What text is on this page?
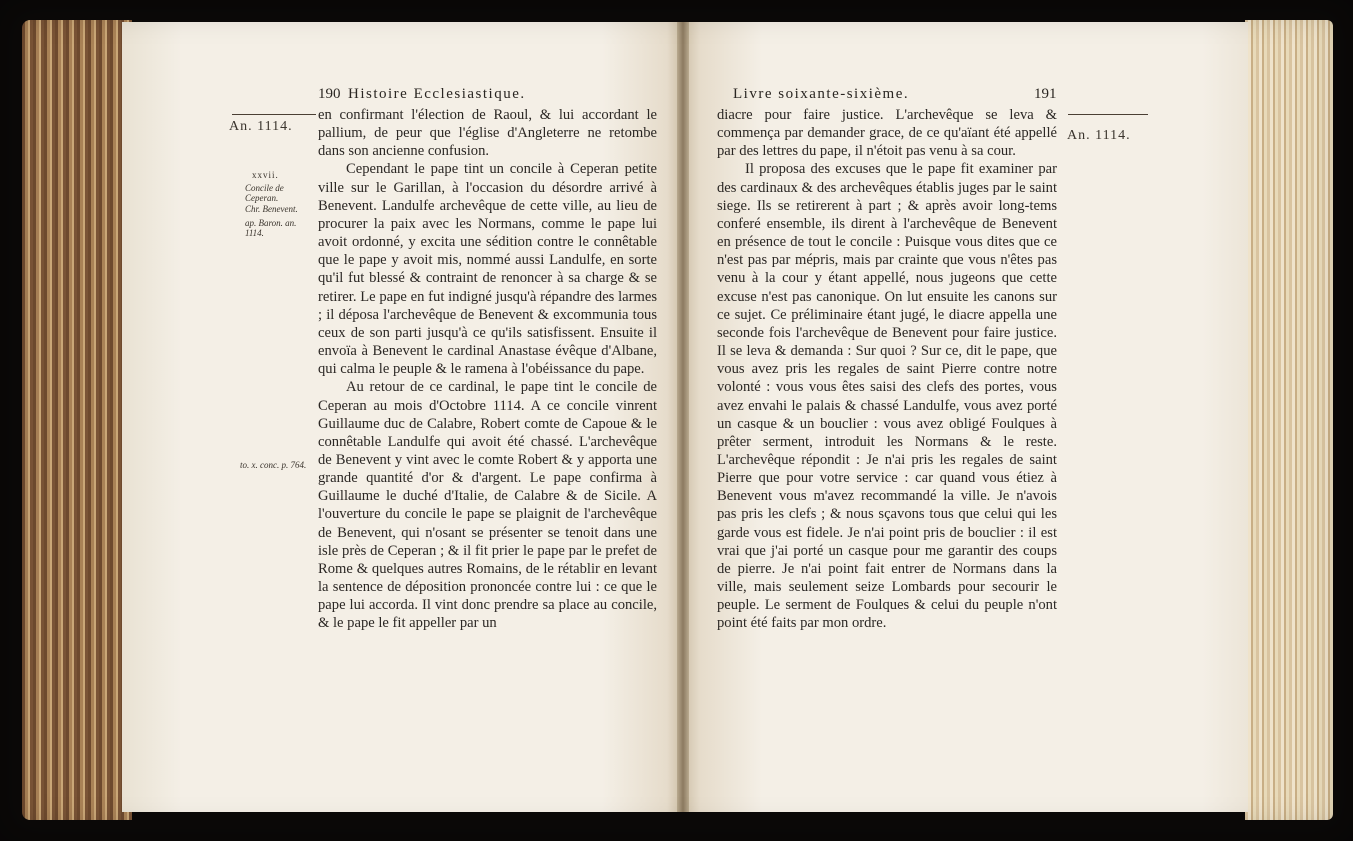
190 Histoire Ecclesiastique.
An. 1114.
xxvii.
Concile de Ceperan.
Chr. Benevent.
ap. Baron. an. 1114.
to. x. conc. p. 764.

en confirmant l'élection de Raoul, & lui accordant le pallium, de peur que l'église d'Angleterre ne retombe dans son ancienne confusion.

Cependant le pape tint un concile à Ceperan petite ville sur le Garillan, à l'occasion du désordre arrivé à Benevent. Landulfe archevêque de cette ville, au lieu de procurer la paix avec les Normans, comme le pape lui avoit ordonné, y excita une sédition contre le connêtable que le pape y avoit mis, nommé aussi Landulfe, en sorte qu'il fut blessé & contraint de renoncer à sa charge & se retirer. Le pape en fut indigné jusqu'à répandre des larmes ; il déposa l'archevêque de Benevent & excommunia tous ceux de son parti jusqu'à ce qu'ils satisfissent. Ensuite il envoïa à Benevent le cardinal Anastase évêque d'Albane, qui calma le peuple & le ramena à l'obéissance du pape.

Au retour de ce cardinal, le pape tint le concile de Ceperan au mois d'Octobre 1114. A ce concile vinrent Guillaume duc de Calabre, Robert comte de Capoue & le connêtable Landulfe qui avoit été chassé. L'archevêque de Benevent y vint avec le comte Robert & y apporta une grande quantité d'or & d'argent. Le pape confirma à Guillaume le duché d'Italie, de Calabre & de Sicile. A l'ouverture du concile le pape se plaignit de l'archevêque de Benevent, qui n'osant se présenter se tenoit dans une isle près de Ceperan ; & il fit prier le pape par le prefet de Rome & quelques autres Romains, de le rétablir en levant la sentence de déposition prononcée contre lui : ce que le pape lui accorda. Il vint donc prendre sa place au concile, & le pape le fit appeller par un

Livre soixante-sixième.	191
An. 1114.

diacre pour faire justice. L'archevêque se leva & commença par demander grace, de ce qu'aïant été appellé par des lettres du pape, il n'étoit pas venu à sa cour.

Il proposa des excuses que le pape fit examiner par des cardinaux & des archevêques établis juges par le saint siege. Ils se retirerent à part ; & après avoir long-tems conferé ensemble, ils dirent à l'archevêque de Benevent en présence de tout le concile : Puisque vous dites que ce n'est pas par mépris, mais par crainte que vous n'êtes pas venu à la cour y étant appellé, nous jugeons que cette excuse n'est pas canonique. On lut ensuite les canons sur ce sujet. Ce préliminaire étant jugé, le diacre appella une seconde fois l'archevêque de Benevent pour faire justice. Il se leva & demanda : Sur quoi ? Sur ce, dit le pape, que vous avez pris les regales de saint Pierre contre notre volonté : vous vous êtes saisi des clefs des portes, vous avez envahi le palais & chassé Landulfe, vous avez porté un casque & un bouclier : vous avez obligé Foulques à prêter serment, introduit les Normans & le reste. L'archevêque répondit : Je n'ai pris les regales de saint Pierre que pour votre service : car quand vous étiez à Benevent vous m'avez recommandé la ville. Je n'avois pas pris les clefs ; & nous sçavons tous que celui qui les garde vous est fidele. Je n'ai point pris de bouclier : il est vrai que j'ai porté un casque pour me garantir des coups de pierre. Je n'ai point fait entrer de Normans dans la ville, mais seulement seize Lombards pour secourir le peuple. Le serment de Foulques & celui du peuple n'ont point été faits par mon ordre.
